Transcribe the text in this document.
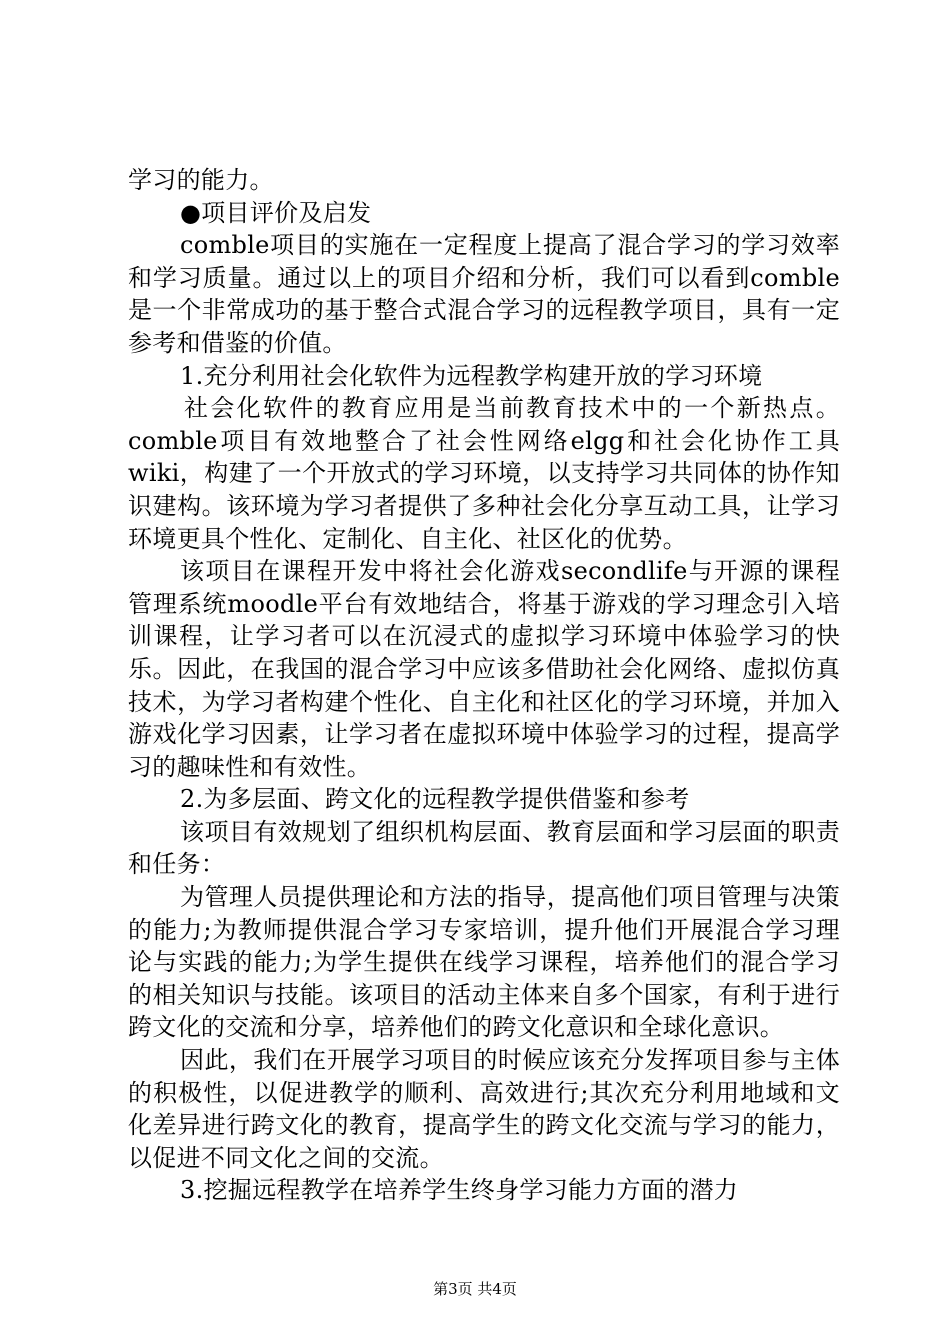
学习的能力。

●项目评价及启发

comble项目的实施在一定程度上提高了混合学习的学习效率和学习质量。通过以上的项目介绍和分析，我们可以看到comble是一个非常成功的基于整合式混合学习的远程教学项目，具有一定参考和借鉴的价值。

1.充分利用社会化软件为远程教学构建开放的学习环境

社会化软件的教育应用是当前教育技术中的一个新热点。comble项目有效地整合了社会性网络elgg和社会化协作工具wiki，构建了一个开放式的学习环境，以支持学习共同体的协作知识建构。该环境为学习者提供了多种社会化分享互动工具，让学习环境更具个性化、定制化、自主化、社区化的优势。

该项目在课程开发中将社会化游戏secondlife与开源的课程管理系统moodle平台有效地结合，将基于游戏的学习理念引入培训课程，让学习者可以在沉浸式的虚拟学习环境中体验学习的快乐。因此，在我国的混合学习中应该多借助社会化网络、虚拟仿真技术，为学习者构建个性化、自主化和社区化的学习环境，并加入游戏化学习因素，让学习者在虚拟环境中体验学习的过程，提高学习的趣味性和有效性。

2.为多层面、跨文化的远程教学提供借鉴和参考

该项目有效规划了组织机构层面、教育层面和学习层面的职责和任务：

为管理人员提供理论和方法的指导，提高他们项目管理与决策的能力;为教师提供混合学习专家培训，提升他们开展混合学习理论与实践的能力;为学生提供在线学习课程，培养他们的混合学习的相关知识与技能。该项目的活动主体来自多个国家，有利于进行跨文化的交流和分享，培养他们的跨文化意识和全球化意识。

因此，我们在开展学习项目的时候应该充分发挥项目参与主体的积极性，以促进教学的顺利、高效进行;其次充分利用地域和文化差异进行跨文化的教育，提高学生的跨文化交流与学习的能力，以促进不同文化之间的交流。

3.挖掘远程教学在培养学生终身学习能力方面的潜力

第3页 共4页
